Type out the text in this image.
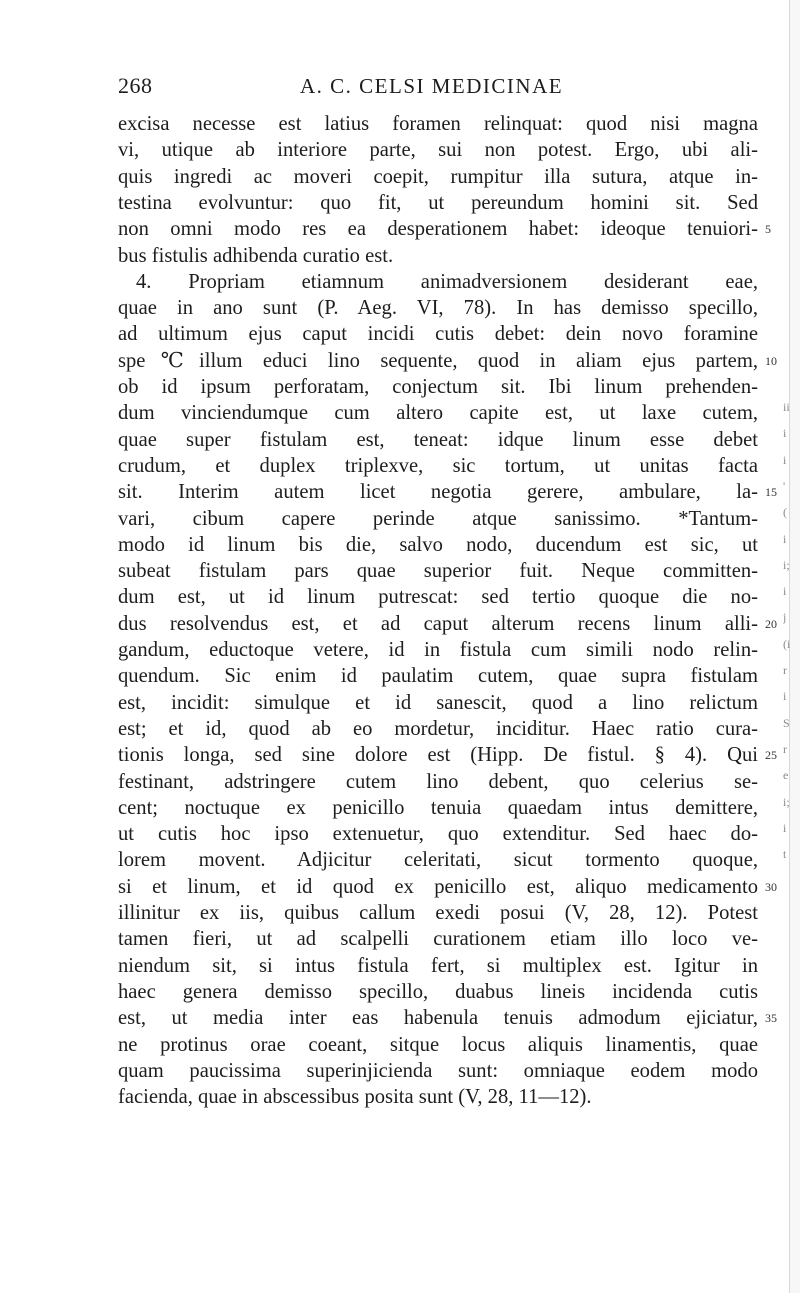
268	A. C. CELSI MEDICINAE
excisa necesse est latius foramen relinquat: quod nisi magna
vi, utique ab interiore parte, sui non potest. Ergo, ubi ali-
quis ingredi ac moveri coepit, rumpitur illa sutura, atque in-
testina evolvuntur: quo fit, ut pereundum homini sit. Sed
non omni modo res ea desperationem habet: ideoque tenuiori- 5
bus fistulis adhibenda curatio est.
4. Propriam etiamnum animadversionem desiderant eae,
quae in ano sunt (P. Aeg. VI, 78). In has demisso specillo,
ad ultimum ejus caput incidi cutis debet: dein novo foramine
spe℃illum educi lino sequente, quod in aliam ejus partem, 10
ob id ipsum perforatam, conjectum sit. Ibi linum prehenden-
dum vinciendumque cum altero capite est, ut laxe cutem,
quae super fistulam est, teneat: idque linum esse debet
crudum, et duplex triplexve, sic tortum, ut unitas facta
sit. Interim autem licet negotia gerere, ambulare, la- 15
vari, cibum capere perinde atque sanissimo. *Tantum-
modo id linum bis die, salvo nodo, ducendum est sic, ut
subeat fistulam pars quae superior fuit. Neque committen-
dum est, ut id linum putrescat: sed tertio quoque die no-
dus resolvendus est, et ad caput alterum recens linum alli- 20
gandum, eductoque vetere, id in fistula cum simili nodo relin-
quendum. Sic enim id paulatim cutem, quae supra fistulam
est, incidit: simulque et id sanescit, quod a lino relictum
est; et id, quod ab eo mordetur, inciditur. Haec ratio cura-
tionis longa, sed sine dolore est (Hipp. De fistul. § 4). Qui 25
festinant, adstringere cutem lino debent, quo celerius se-
cent; noctuque ex penicillo tenuia quaedam intus demittere,
ut cutis hoc ipso extenuetur, quo extenditur. Sed haec do-
lorem movent. Adjicitur celeritati, sicut tormento quoque,
si et linum, et id quod ex penicillo est, aliquo medicamento 30
illinitur ex iis, quibus callum exedi posui (V, 28, 12). Potest
tamen fieri, ut ad scalpelli curationem etiam illo loco ve-
niendum sit, si intus fistula fert, si multiplex est. Igitur in
haec genera demisso specillo, duabus lineis incidenda cutis
est, ut media inter eas habenula tenuis admodum ejiciatur, 35
ne protinus orae coeant, sitque locus aliquis linamentis, quae
quam paucissima superinjicienda sunt: omniaque eodem modo
facienda, quae in abscessibus posita sunt (V, 28, 11—12).
ii
i
i
'
(
i
i;
i
j
(i
r
i
S
r
e
i;
i
t
